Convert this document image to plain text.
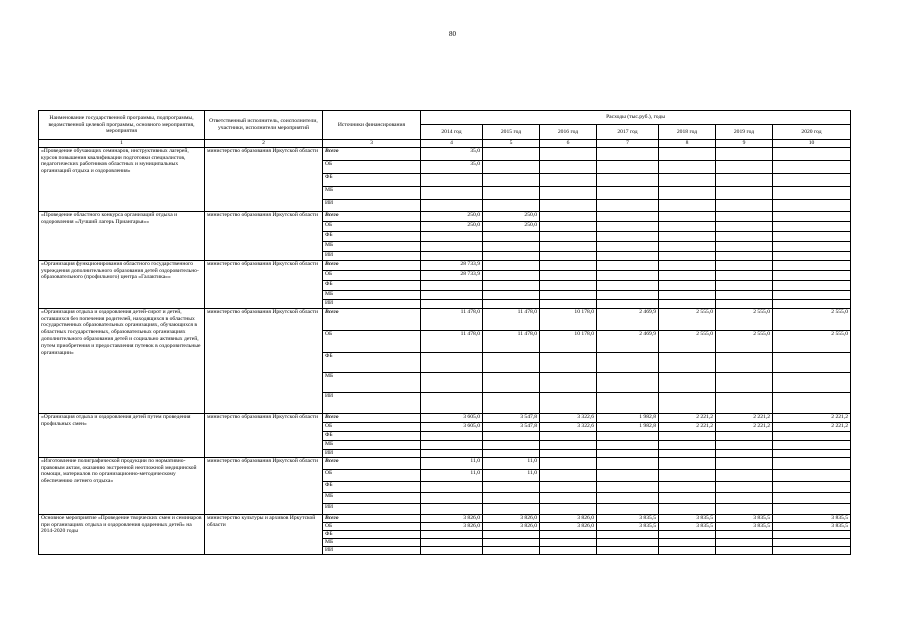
80
Наименование государственной программы, подпрограммы, ведомственной целевой программы, основного мероприятия, мероприятия	Ответственный исполнитель, соисполнители, участники, исполнители мероприятий	Источники финансирования	Расходы (тыс.руб.), годы						
			2014 год	2015 год	2016 год	2017 год	2018 год	2019 год	2020 год
1	2	3	4	5	6	7	8	9	10
«Проведение обучающих семинаров, инструктивных лагерей, курсов повышения квалификации подготовки специалистов, педагогических работников областных и муниципальных организаций отдыха и оздоровления»	министерство образования Иркутской области	Всего	35,0						
		ОБ	35,0						
		ФБ							
		МБ							
		ИИ							
«Проведение областного конкурса организаций отдыха и оздоровления «Лучший лагерь Приангарья»»	министерство образования Иркутской области	Всего	250,0	250,0					
		ОБ	250,0	250,0					
		ФБ							
		МБ							
		ИИ							
«Организация функционирования областного государственного учреждения дополнительного образования детей оздоровительно-образовательного (профильного) центра «Галактика»»	министерство образования Иркутской области	Всего	28 733,9						
		ОБ	28 733,9						
		ФБ							
		МБ							
		ИИ							
«Организация отдыха и оздоровления детей-сирот и детей, оставшихся без попечения родителей, находящихся в областных государственных образовательных организациях, обучающихся в областных государственных, образовательных организациях дополнительного образования детей и социально активных детей, путем приобретения и предоставления путевок в оздоровительные организации»	министерство образования Иркутской области	Всего	11 478,0	11 478,0	10 178,0	2 469,9	2 555,0	2 555,0	2 555,0
		ОБ	11 478,0	11 478,0	10 178,0	2 469,9	2 555,0	2 555,0	2 555,0
		ФБ							
		МБ							
		ИИ							
«Организация отдыха и оздоровления детей путем проведения профильных смен»	министерство образования Иркутской области	Всего	3 605,0	3 547,8	3 322,6	1 982,8	2 221,2	2 221,2	2 221,2
		ОБ	3 605,0	3 547,8	3 322,6	1 982,8	2 221,2	2 221,2	2 221,2
		ФБ							
		МБ							
		ИИ							
«Изготовление полиграфической продукции по нормативно-правовым актам, оказанию экстренной неотложной медицинской помощи, материалов по организационно-методическому обеспечению летнего отдыха»	министерство образования Иркутской области	Всего	11,0	11,0					
		ОБ	11,0	11,0					
		ФБ							
		МБ							
		ИИ							
Основное мероприятие «Проведение творческих смен и семинаров при организациях отдыха и оздоровления одаренных детей» на 2014-2020 годы	министерство культуры и архивов Иркутской области	Всего	3 826,0	3 826,0	3 826,0	3 835,5	3 835,5	3 835,5	3 835,5
		ОБ	3 826,0	3 826,0	3 826,0	3 835,5	3 835,5	3 835,5	3 835,5
		ФБ							
		МБ							
		ИИ							
